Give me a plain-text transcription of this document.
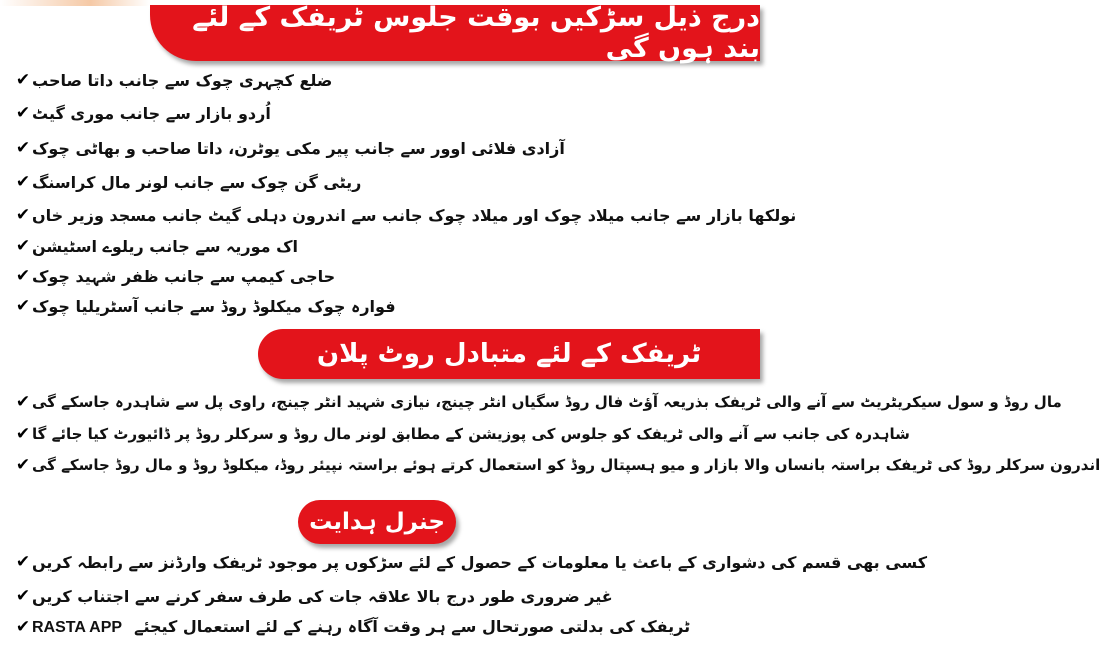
درج ذیل سڑکیں بوقت جلوس ٹریفک کے لئے بند ہوں گی
✔ ضلع کچہری چوک سے جانب داتا صاحب
✔ اُردو بازار سے جانب موری گیٹ
✔ آزادی فلائی اوور سے جانب پیر مکی یوٹرن، داتا صاحب و بھاٹی چوک
✔ ریٹی گن چوک سے جانب لونر مال کراسنگ
✔ نولکھا بازار سے جانب میلاد چوک اور میلاد چوک جانب سے اندرون دہلی گیٹ جانب مسجد وزیر خاں
✔ اک موریہ سے جانب ریلوے اسٹیشن
✔ حاجی کیمپ سے جانب ظفر شہید چوک
✔ فوارہ چوک میکلوڈ روڈ سے جانب آسٹریلیا چوک
ٹریفک کے لئے متبادل روٹ پلان
✔ مال روڈ و سول سیکریٹریٹ سے آنے والی ٹریفک بذریعہ آؤٹ فال روڈ سگیاں انٹر چینج، نیازی شہید انٹر چینج، راوی پل سے شاہدرہ جاسکے گی
✔ شاہدرہ کی جانب سے آنے والی ٹریفک کو جلوس کی پوزیشن کے مطابق لونر مال روڈ و سرکلر روڈ پر ڈائیورٹ کیا جائے گا
✔ اندرون سرکلر روڈ کی ٹریفک براستہ بانساں والا بازار و میو ہسپتال روڈ کو استعمال کرتے ہوئے براستہ نپیئر روڈ، میکلوڈ روڈ و مال روڈ جاسکے گی
جنرل ہدایت
✔ کسی بھی قسم کی دشواری کے باعث یا معلومات کے حصول کے لئے سڑکوں پر موجود ٹریفک وارڈنز سے رابطہ کریں
✔ غیر ضروری طور درج بالا علاقہ جات کی طرف سفر کرنے سے اجتناب کریں
✔	ٹریفک کی بدلتی صورتحال سے ہر وقت آگاہ رہنے کے لئے استعمال کیجئےRASTA APP
